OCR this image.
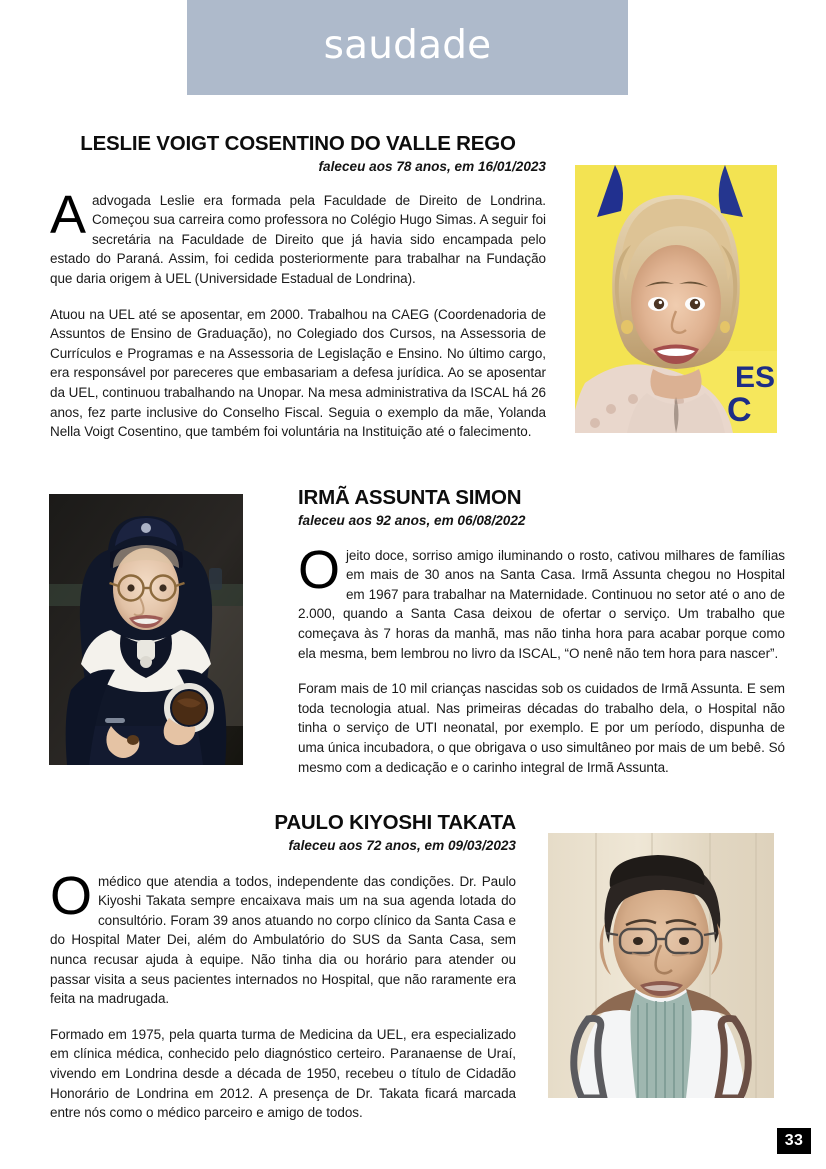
saudade
LESLIE VOIGT COSENTINO DO VALLE REGO
faleceu aos 78 anos, em 16/01/2023

Aadvogada Leslie era formada pela Faculdade de Direito de Londrina. Começou sua carreira como professora no Colégio Hugo Simas. A seguir foi secretária na Faculdade de Direito que já havia sido encampada pelo estado do Paraná. Assim, foi cedida posteriormente para trabalhar na Fundação que daria origem à UEL (Universidade Estadual de Londrina).

Atuou na UEL até se aposentar, em 2000. Trabalhou na CAEG (Coordenadoria de Assuntos de Ensino de Graduação), no Colegiado dos Cursos, na Assessoria de Currículos e Programas e na Assessoria de Legislação e Ensino. No último cargo, era responsável por pareceres que embasariam a defesa jurídica. Ao se aposentar da UEL, continuou trabalhando na Unopar. Na mesa administrativa da ISCAL há 26 anos, fez parte inclusive do Conselho Fiscal. Seguia o exemplo da mãe, Yolanda Nella Voigt Cosentino, que também foi voluntária na Instituição até o falecimento.

ES
C
IRMÃ ASSUNTA SIMON
faleceu aos 92 anos, em 06/08/2022

Ojeito doce, sorriso amigo iluminando o rosto, cativou milhares de famílias em mais de 30 anos na Santa Casa. Irmã Assunta chegou no Hospital em 1967 para trabalhar na Maternidade. Continuou no setor até o ano de 2.000, quando a Santa Casa deixou de ofertar o serviço. Um trabalho que começava às 7 horas da manhã, mas não tinha hora para acabar porque como ela mesma, bem lembrou no livro da ISCAL, “O nenê não tem hora para nascer”.

Foram mais de 10 mil crianças nascidas sob os cuidados de Irmã Assunta. E sem toda tecnologia atual. Nas primeiras décadas do trabalho dela, o Hospital não tinha o serviço de UTI neonatal, por exemplo. E por um período, dispunha de uma única incubadora, o que obrigava o uso simultâneo por mais de um bebê. Só mesmo com a dedicação e o carinho integral de Irmã Assunta.

PAULO KIYOSHI TAKATA
faleceu aos 72 anos, em 09/03/2023

Omédico que atendia a todos, independente das condições. Dr. Paulo Kiyoshi Takata sempre encaixava mais um na sua agenda lotada do consultório. Foram 39 anos atuando no corpo clínico da Santa Casa e do Hospital Mater Dei, além do Ambulatório do SUS da Santa Casa, sem nunca recusar ajuda à equipe. Não tinha dia ou horário para atender ou passar visita a seus pacientes internados no Hospital, que não raramente era feita na madrugada.

Formado em 1975, pela quarta turma de Medicina da UEL, era especializado em clínica médica, conhecido pelo diagnóstico certeiro. Paranaense de Uraí, vivendo em Londrina desde a década de 1950, recebeu o título de Cidadão Honorário de Londrina em 2012. A presença de Dr. Takata ficará marcada entre nós como o médico parceiro e amigo de todos.

33
